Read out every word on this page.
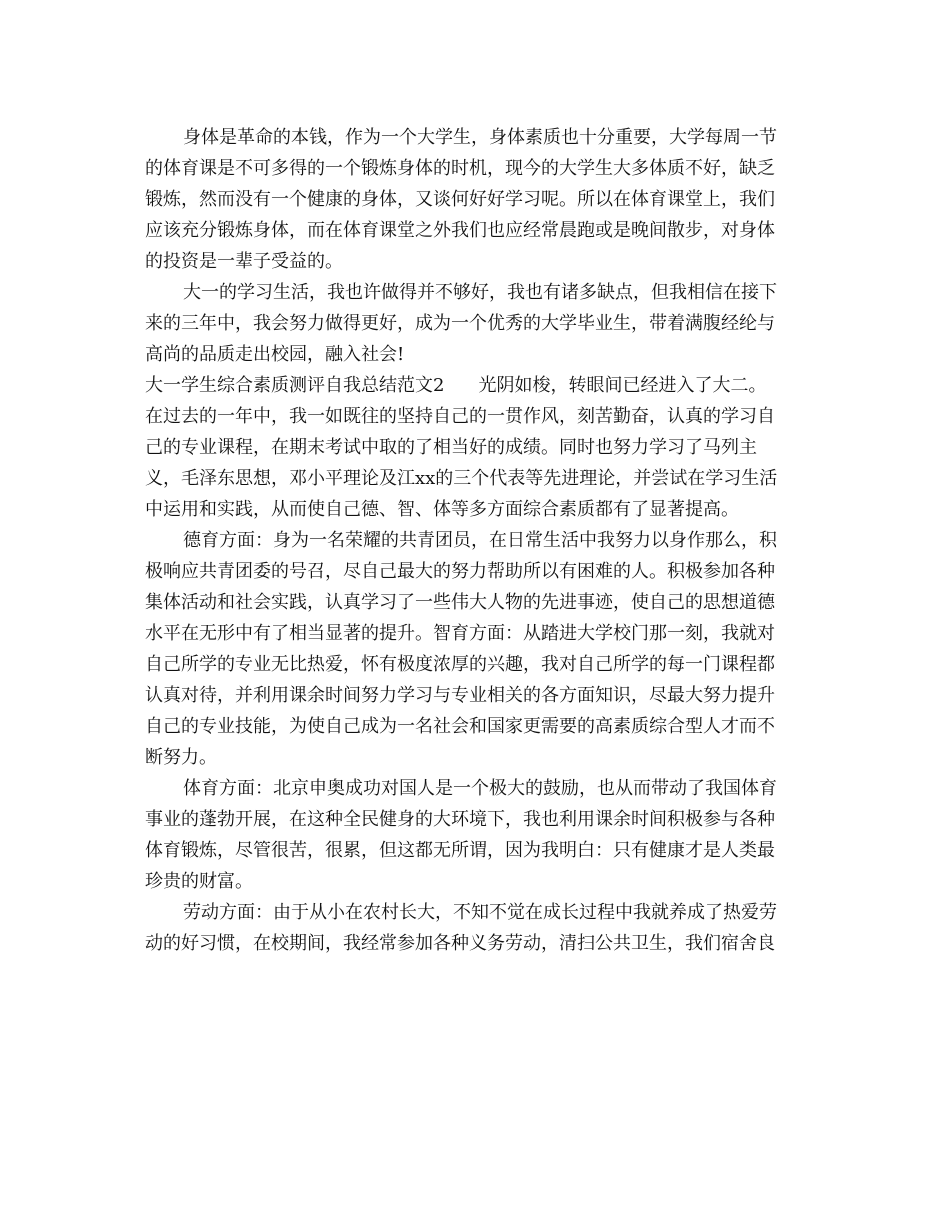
身体是革命的本钱，作为一个大学生，身体素质也十分重要，大学每周一节
的体育课是不可多得的一个锻炼身体的时机，现今的大学生大多体质不好，缺乏
锻炼，然而没有一个健康的身体，又谈何好好学习呢。所以在体育课堂上，我们
应该充分锻炼身体，而在体育课堂之外我们也应经常晨跑或是晚间散步，对身体
的投资是一辈子受益的。
大一的学习生活，我也许做得并不够好，我也有诸多缺点，但我相信在接下
来的三年中，我会努力做得更好，成为一个优秀的大学毕业生，带着满腹经纶与
高尚的品质走出校园，融入社会!
大一学生综合素质测评自我总结范文2 光阴如梭，转眼间已经进入了大二。
在过去的一年中，我一如既往的坚持自己的一贯作风，刻苦勤奋，认真的学习自
己的专业课程，在期末考试中取的了相当好的成绩。同时也努力学习了马列主
义，毛泽东思想，邓小平理论及江xx的三个代表等先进理论，并尝试在学习生活
中运用和实践，从而使自己德、智、体等多方面综合素质都有了显著提高。
德育方面：身为一名荣耀的共青团员，在日常生活中我努力以身作那么，积
极响应共青团委的号召，尽自己最大的努力帮助所以有困难的人。积极参加各种
集体活动和社会实践，认真学习了一些伟大人物的先进事迹，使自己的思想道德
水平在无形中有了相当显著的提升。智育方面：从踏进大学校门那一刻，我就对
自己所学的专业无比热爱，怀有极度浓厚的兴趣，我对自己所学的每一门课程都
认真对待，并利用课余时间努力学习与专业相关的各方面知识，尽最大努力提升
自己的专业技能，为使自己成为一名社会和国家更需要的高素质综合型人才而不
断努力。
体育方面：北京申奥成功对国人是一个极大的鼓励，也从而带动了我国体育
事业的蓬勃开展，在这种全民健身的大环境下，我也利用课余时间积极参与各种
体育锻炼，尽管很苦，很累，但这都无所谓，因为我明白：只有健康才是人类最
珍贵的财富。
劳动方面：由于从小在农村长大，不知不觉在成长过程中我就养成了热爱劳
动的好习惯，在校期间，我经常参加各种义务劳动，清扫公共卫生，我们宿舍良
